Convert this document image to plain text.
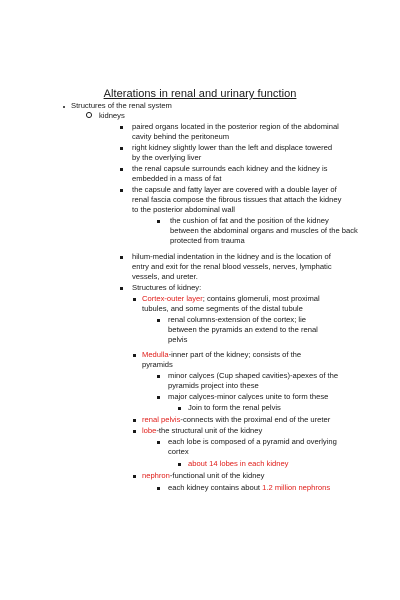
Alterations in renal and urinary function
Structures of the renal system
kidneys
paired organs located in the posterior region of the abdominal
cavity behind the peritoneum
right kidney slightly lower than the left and displace towered
by the overlying liver
the renal capsule surrounds each kidney and the kidney is
embedded in a mass of fat
the capsule and fatty layer are covered with a double layer of
renal fascia compose the fibrous tissues that attach the kidney
to the posterior abdominal wall
the cushion of fat and the position of the kidney
between the abdominal organs and muscles of the back
protected from trauma
hilum-medial indentation in the kidney and is the location of
entry and exit for the renal blood vessels, nerves, lymphatic
vessels, and ureter.
Structures of kidney:
Cortex-outer layer; contains glomeruli, most proximal
tubules, and some segments of the distal tubule
renal columns-extension of the cortex; lie
between the pyramids an extend to the renal
pelvis
Medulla-inner part of the kidney; consists of the
pyramids
minor calyces (Cup shaped cavities)-apexes of the
pyramids project into these
major calyces-minor calyces unite to form these
Join to form the renal pelvis
renal pelvis-connects with the proximal end of the ureter
lobe-the structural unit of the kidney
each lobe is composed of a pyramid and overlying
cortex
about 14 lobes in each kidney
nephron-functional unit of the kidney
each kidney contains about 1.2 million nephrons
